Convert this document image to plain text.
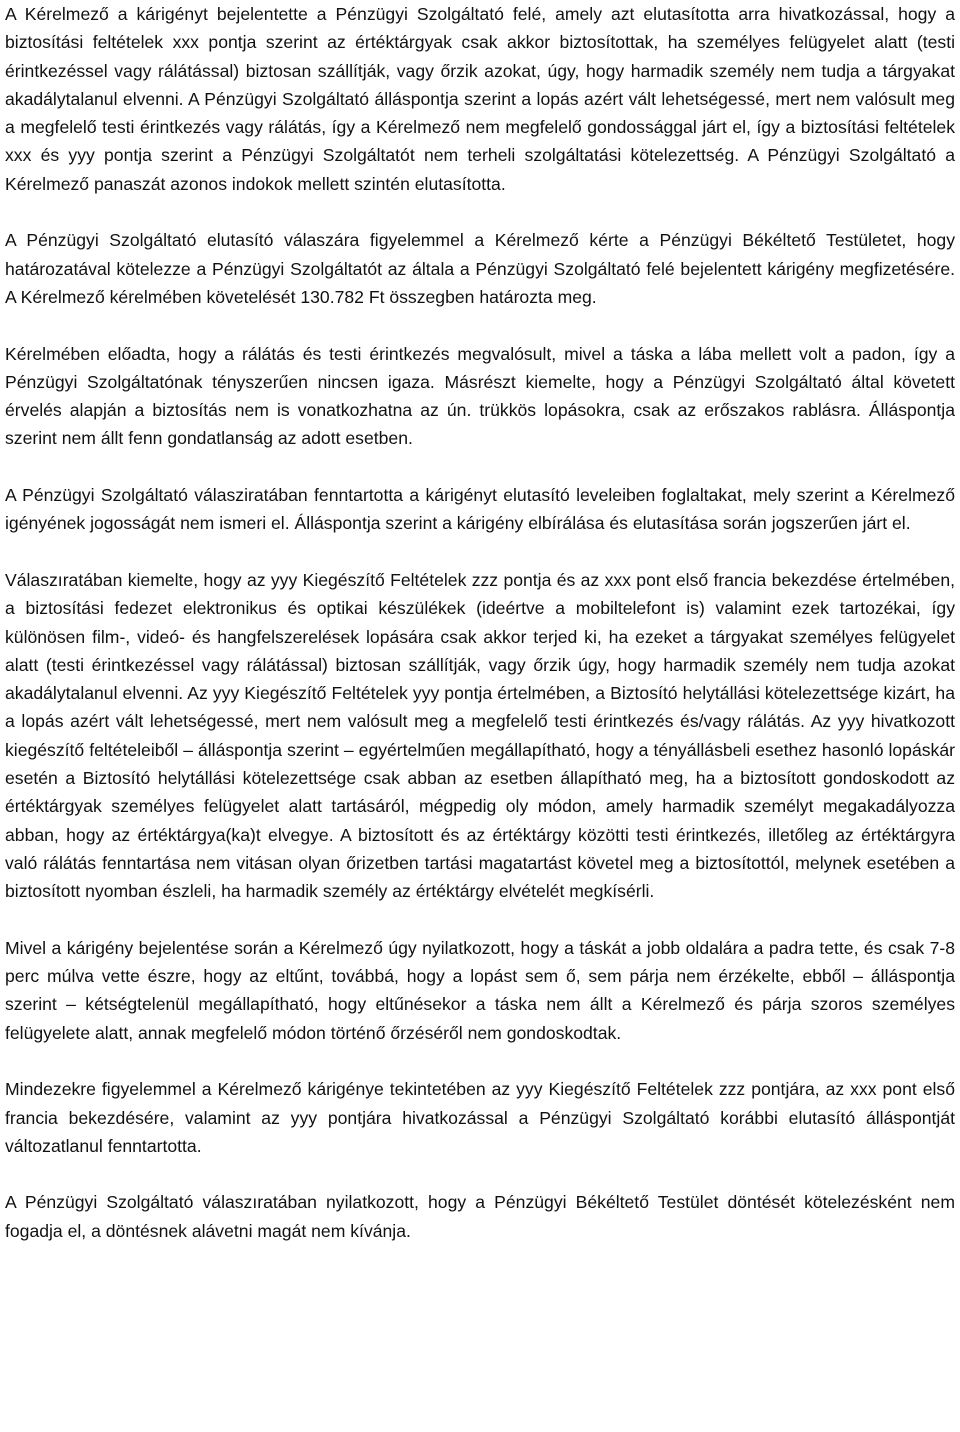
A Kérelmező a kárigényt bejelentette a Pénzügyi Szolgáltató felé, amely azt elutasította arra hivatkozással, hogy a biztosítási feltételek xxx pontja szerint az értéktárgyak csak akkor biztosítottak, ha személyes felügyelet alatt (testi érintkezéssel vagy rálátással) biztosan szállítják, vagy őrzik azokat, úgy, hogy harmadik személy nem tudja a tárgyakat akadálytalanul elvenni. A Pénzügyi Szolgáltató álláspontja szerint a lopás azért vált lehetségessé, mert nem valósult meg a megfelelő testi érintkezés vagy rálátás, így a Kérelmező nem megfelelő gondossággal járt el, így a biztosítási feltételek xxx és yyy pontja szerint a Pénzügyi Szolgáltatót nem terheli szolgáltatási kötelezettség. A Pénzügyi Szolgáltató a Kérelmező panaszát azonos indokok mellett szintén elutasította.

A Pénzügyi Szolgáltató elutasító válaszára figyelemmel a Kérelmező kérte a Pénzügyi Békéltető Testületet, hogy határozatával kötelezze a Pénzügyi Szolgáltatót az általa a Pénzügyi Szolgáltató felé bejelentett kárigény megfizetésére. A Kérelmező kérelmében követelését 130.782 Ft összegben határozta meg.

Kérelmében előadta, hogy a rálátás és testi érintkezés megvalósult, mivel a táska a lába mellett volt a padon, így a Pénzügyi Szolgáltatónak tényszerűen nincsen igaza. Másrészt kiemelte, hogy a Pénzügyi Szolgáltató által követett érvelés alapján a biztosítás nem is vonatkozhatna az ún. trükkös lopásokra, csak az erőszakos rablásra. Álláspontja szerint nem állt fenn gondatlanság az adott esetben.

A Pénzügyi Szolgáltató válasziratában fenntartotta a kárigényt elutasító leveleiben foglaltakat, mely szerint a Kérelmező igényének jogosságát nem ismeri el. Álláspontja szerint a kárigény elbírálása és elutasítása során jogszerűen járt el.

Válaszıratában kiemelte, hogy az yyy Kiegészítő Feltételek zzz pontja és az xxx pont első francia bekezdése értelmében, a biztosítási fedezet elektronikus és optikai készülékek (ideértve a mobiltelefont is) valamint ezek tartozékai, így különösen film-, videó- és hangfelszerelések lopására csak akkor terjed ki, ha ezeket a tárgyakat személyes felügyelet alatt (testi érintkezéssel vagy rálátással) biztosan szállítják, vagy őrzik úgy, hogy harmadik személy nem tudja azokat akadálytalanul elvenni. Az yyy Kiegészítő Feltételek yyy pontja értelmében, a Biztosító helytállási kötelezettsége kizárt, ha a lopás azért vált lehetségessé, mert nem valósult meg a megfelelő testi érintkezés és/vagy rálátás. Az yyy hivatkozott kiegészítő feltételeiből – álláspontja szerint – egyértelműen megállapítható, hogy a tényállásbeli esethez hasonló lopáskár esetén a Biztosító helytállási kötelezettsége csak abban az esetben állapítható meg, ha a biztosított gondoskodott az értéktárgyak személyes felügyelet alatt tartásáról, mégpedig oly módon, amely harmadik személyt megakadályozza abban, hogy az értéktárgya(ka)t elvegye. A biztosított és az értéktárgy közötti testi érintkezés, illetőleg az értéktárgyra való rálátás fenntartása nem vitásan olyan őrizetben tartási magatartást követel meg a biztosítottól, melynek esetében a biztosított nyomban észleli, ha harmadik személy az értéktárgy elvételét megkísérli.

Mivel a kárigény bejelentése során a Kérelmező úgy nyilatkozott, hogy a táskát a jobb oldalára a padra tette, és csak 7-8 perc múlva vette észre, hogy az eltűnt, továbbá, hogy a lopást sem ő, sem párja nem érzékelte, ebből – álláspontja szerint – kétségtelenül megállapítható, hogy eltűnésekor a táska nem állt a Kérelmező és párja szoros személyes felügyelete alatt, annak megfelelő módon történő őrzéséről nem gondoskodtak.

Mindezekre figyelemmel a Kérelmező kárigénye tekintetében az yyy Kiegészítő Feltételek zzz pontjára, az xxx pont első francia bekezdésére, valamint az yyy pontjára hivatkozással a Pénzügyi Szolgáltató korábbi elutasító álláspontját változatlanul fenntartotta.

A Pénzügyi Szolgáltató válaszıratában nyilatkozott, hogy a Pénzügyi Békéltető Testület döntését kötelezésként nem fogadja el, a döntésnek alávetni magát nem kívánja.
